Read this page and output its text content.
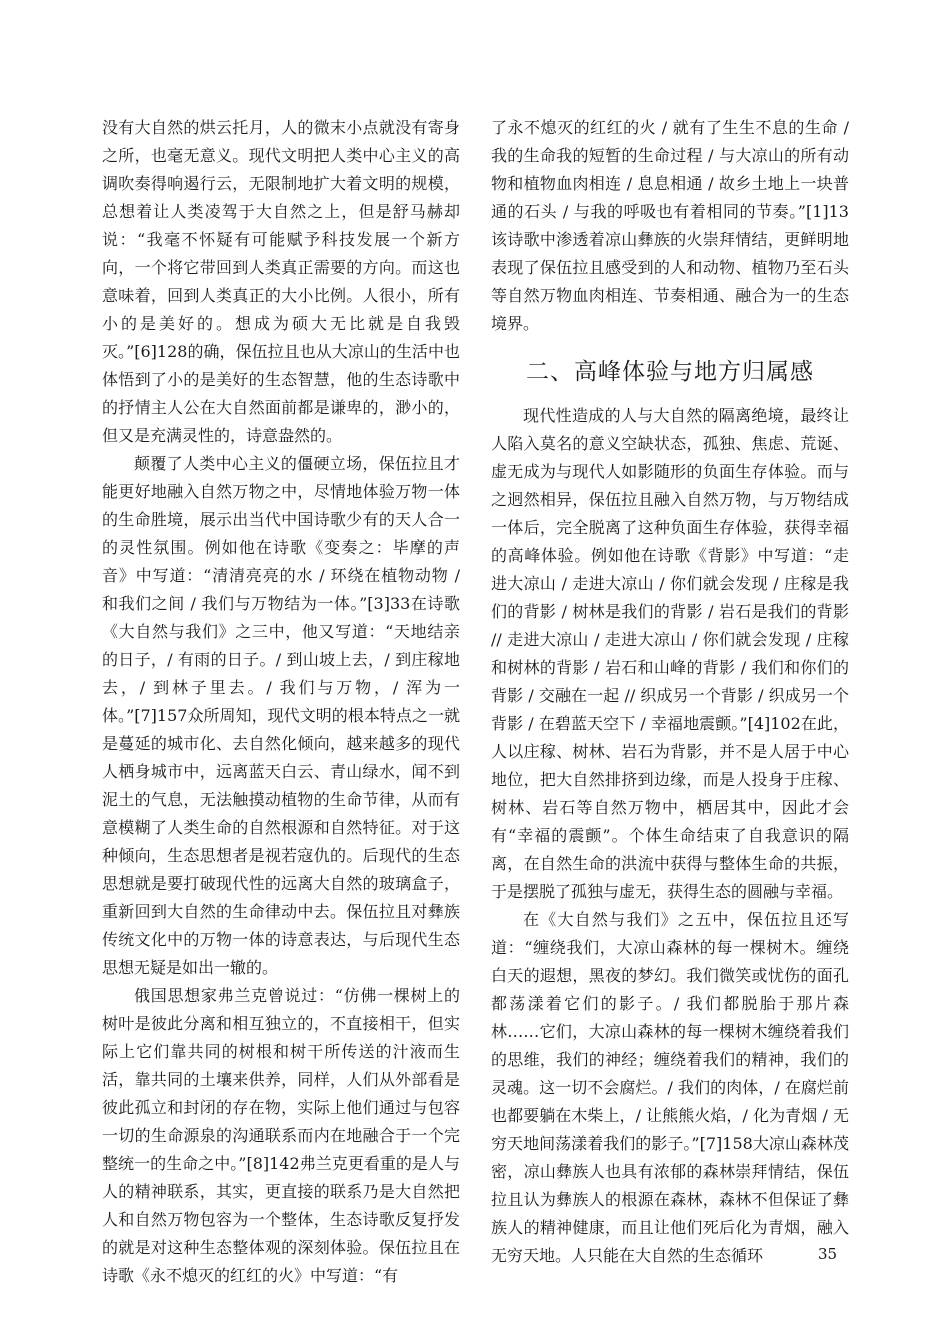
没有大自然的烘云托月，人的微末小点就没有寄身之所，也毫无意义。现代文明把人类中心主义的高调吹奏得响遏行云，无限制地扩大着文明的规模，总想着让人类凌驾于大自然之上，但是舒马赫却说：“我毫不怀疑有可能赋予科技发展一个新方向，一个将它带回到人类真正需要的方向。而这也意味着，回到人类真正的大小比例。人很小，所有小的是美好的。想成为硕大无比就是自我毁灭。”[6]128的确，保伍拉且也从大凉山的生活中也体悟到了小的是美好的生态智慧，他的生态诗歌中的抒情主人公在大自然面前都是谦卑的，渺小的，但又是充满灵性的，诗意盎然的。

颠覆了人类中心主义的僵硬立场，保伍拉且才能更好地融入自然万物之中，尽情地体验万物一体的生命胜境，展示出当代中国诗歌少有的天人合一的灵性氛围。例如他在诗歌《变奏之：毕摩的声音》中写道：“清清亮亮的水 / 环绕在植物动物 / 和我们之间 / 我们与万物结为一体。”[3]33在诗歌《大自然与我们》之三中，他又写道：“天地结亲的日子，/ 有雨的日子。/ 到山坡上去，/ 到庄稼地去，/ 到林子里去。/ 我们与万物，/ 浑为一体。”[7]157众所周知，现代文明的根本特点之一就是蔓延的城市化、去自然化倾向，越来越多的现代人栖身城市中，远离蓝天白云、青山绿水，闻不到泥土的气息，无法触摸动植物的生命节律，从而有意模糊了人类生命的自然根源和自然特征。对于这种倾向，生态思想者是视若寇仇的。后现代的生态思想就是要打破现代性的远离大自然的玻璃盒子，重新回到大自然的生命律动中去。保伍拉且对彝族传统文化中的万物一体的诗意表达，与后现代生态思想无疑是如出一辙的。

俄国思想家弗兰克曾说过：“仿佛一棵树上的树叶是彼此分离和相互独立的，不直接相干，但实际上它们靠共同的树根和树干所传送的汁液而生活，靠共同的土壤来供养，同样，人们从外部看是彼此孤立和封闭的存在物，实际上他们通过与包容一切的生命源泉的沟通联系而内在地融合于一个完整统一的生命之中。”[8]142弗兰克更看重的是人与人的精神联系，其实，更直接的联系乃是大自然把人和自然万物包容为一个整体，生态诗歌反复抒发的就是对这种生态整体观的深刻体验。保伍拉且在诗歌《永不熄灭的红红的火》中写道：“有

了永不熄灭的红红的火 / 就有了生生不息的生命 / 我的生命我的短暂的生命过程 / 与大凉山的所有动物和植物血肉相连 / 息息相通 / 故乡土地上一块普通的石头 / 与我的呼吸也有着相同的节奏。”[1]13该诗歌中渗透着凉山彝族的火崇拜情结，更鲜明地表现了保伍拉且感受到的人和动物、植物乃至石头等自然万物血肉相连、节奏相通、融合为一的生态境界。

二、高峰体验与地方归属感

现代性造成的人与大自然的隔离绝境，最终让人陷入莫名的意义空缺状态，孤独、焦虑、荒诞、虚无成为与现代人如影随形的负面生存体验。而与之迥然相异，保伍拉且融入自然万物，与万物结成一体后，完全脱离了这种负面生存体验，获得幸福的高峰体验。例如他在诗歌《背影》中写道：“走进大凉山 / 走进大凉山 / 你们就会发现 / 庄稼是我们的背影 / 树林是我们的背影 / 岩石是我们的背影 // 走进大凉山 / 走进大凉山 / 你们就会发现 / 庄稼和树林的背影 / 岩石和山峰的背影 / 我们和你们的背影 / 交融在一起 // 织成另一个背影 / 织成另一个背影 / 在碧蓝天空下 / 幸福地震颤。”[4]102在此，人以庄稼、树林、岩石为背影，并不是人居于中心地位，把大自然排挤到边缘，而是人投身于庄稼、树林、岩石等自然万物中，栖居其中，因此才会有“幸福的震颤”。个体生命结束了自我意识的隔离，在自然生命的洪流中获得与整体生命的共振，于是摆脱了孤独与虚无，获得生态的圆融与幸福。

在《大自然与我们》之五中，保伍拉且还写道：“缠绕我们，大凉山森林的每一棵树木。缠绕白天的遐想，黑夜的梦幻。我们微笑或忧伤的面孔都荡漾着它们的影子。/ 我们都脱胎于那片森林……它们，大凉山森林的每一棵树木缠绕着我们的思维，我们的神经；缠绕着我们的精神，我们的灵魂。这一切不会腐烂。/ 我们的肉体，/ 在腐烂前也都要躺在木柴上，/ 让熊熊火焰，/ 化为青烟 / 无穷天地间荡漾着我们的影子。”[7]158大凉山森林茂密，凉山彝族人也具有浓郁的森林崇拜情结，保伍拉且认为彝族人的根源在森林，森林不但保证了彝族人的精神健康，而且让他们死后化为青烟，融入无穷天地。人只能在大自然的生态循环	35
